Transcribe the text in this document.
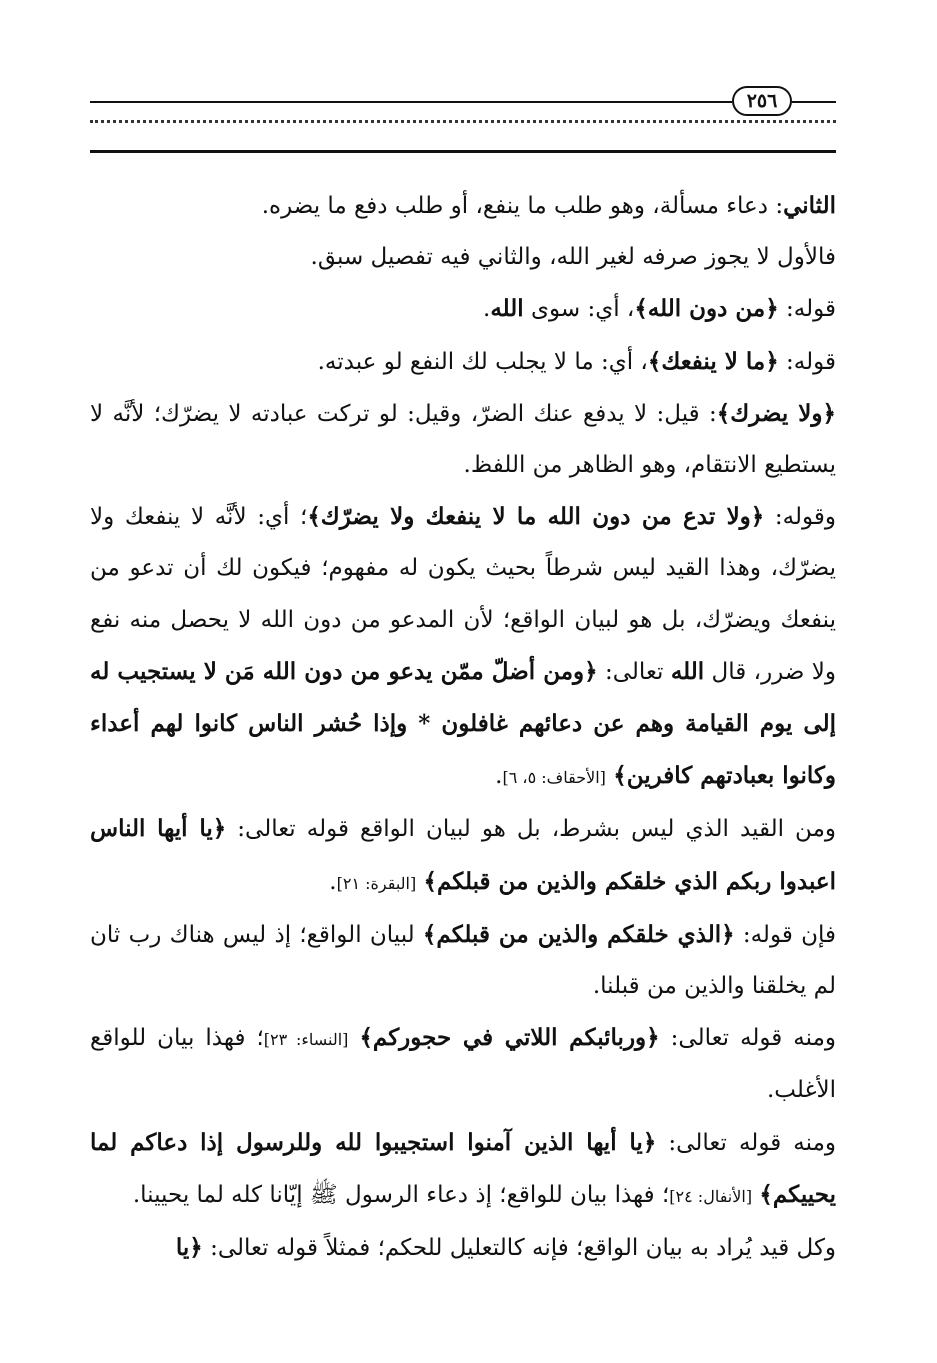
٢٥٦

الثاني: دعاء مسألة، وهو طلب ما ينفع، أو طلب دفع ما يضره.

فالأول لا يجوز صرفه لغير الله، والثاني فيه تفصيل سبق.

قوله: ﴿من دون الله﴾، أي: سوى الله.

قوله: ﴿ما لا ينفعك﴾، أي: ما لا يجلب لك النفع لو عبدته.

﴿ولا يضرك﴾: قيل: لا يدفع عنك الضرّ، وقيل: لو تركت عبادته لا يضرّك؛ لأنَّه لا يستطيع الانتقام، وهو الظاهر من اللفظ.

وقوله: ﴿ولا تدع من دون الله ما لا ينفعك ولا يضرّك﴾؛ أي: لأنَّه لا ينفعك ولا يضرّك، وهذا القيد ليس شرطاً بحيث يكون له مفهوم؛ فيكون لك أن تدعو من ينفعك ويضرّك، بل هو لبيان الواقع؛ لأن المدعو من دون الله لا يحصل منه نفع ولا ضرر، قال الله تعالى: ﴿ومن أضلّ ممّن يدعو من دون الله مَن لا يستجيب له إلى يوم القيامة وهم عن دعائهم غافلون * وإذا حُشر الناس كانوا لهم أعداء وكانوا بعبادتهم كافرين﴾ [الأحقاف: ٥، ٦].

ومن القيد الذي ليس بشرط، بل هو لبيان الواقع قوله تعالى: ﴿يا أيها الناس اعبدوا ربكم الذي خلقكم والذين من قبلكم﴾ [البقرة: ٢١].

فإن قوله: ﴿الذي خلقكم والذين من قبلكم﴾ لبيان الواقع؛ إذ ليس هناك رب ثان لم يخلقنا والذين من قبلنا.

ومنه قوله تعالى: ﴿وربائبكم اللاتي في حجوركم﴾ [النساء: ٢٣]؛ فهذا بيان للواقع الأغلب.

ومنه قوله تعالى: ﴿يا أيها الذين آمنوا استجيبوا لله وللرسول إذا دعاكم لما يحييكم﴾ [الأنفال: ٢٤]؛ فهذا بيان للواقع؛ إذ دعاء الرسول ﷺ إيّانا كله لما يحيينا.

وكل قيد يُراد به بيان الواقع؛ فإنه كالتعليل للحكم؛ فمثلاً قوله تعالى: ﴿يا
